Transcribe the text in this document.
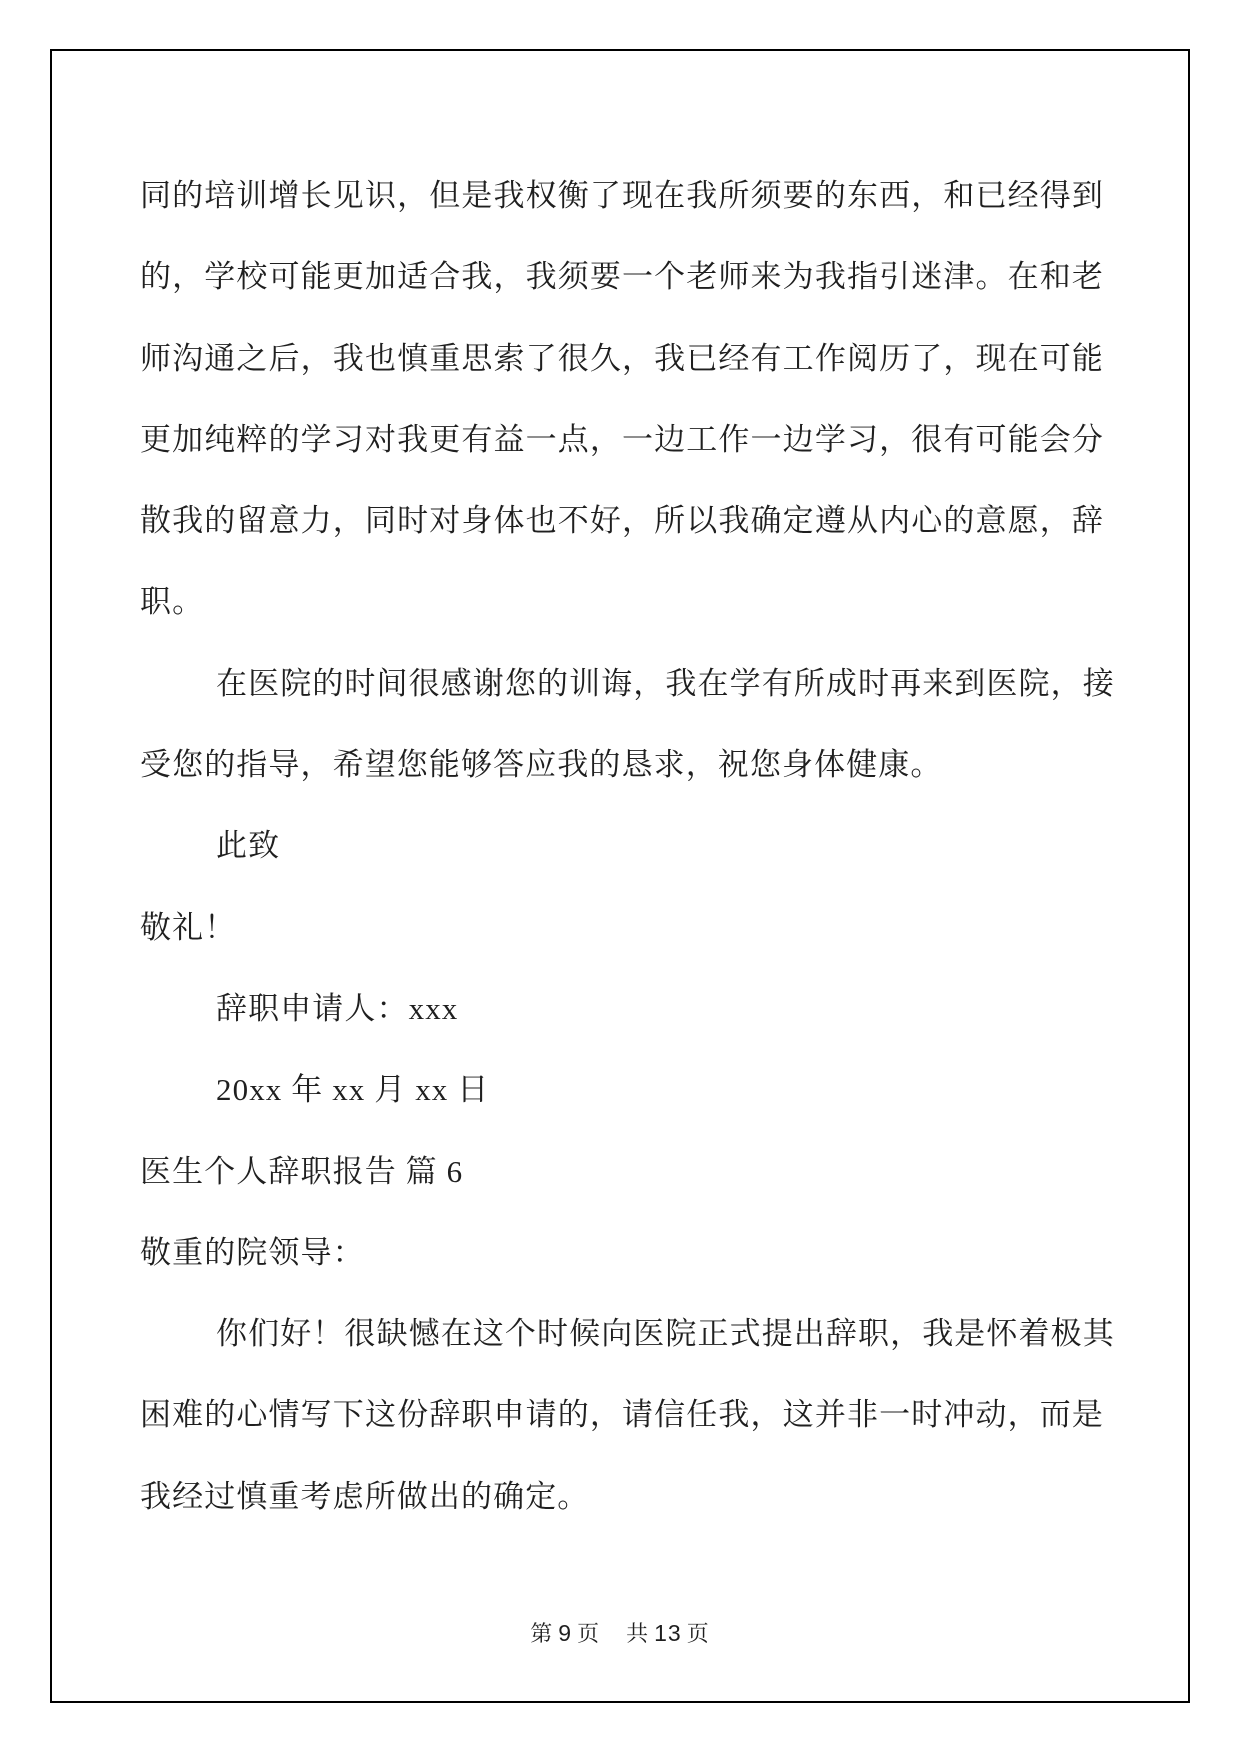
同的培训增长见识，但是我权衡了现在我所须要的东西，和已经得到
的，学校可能更加适合我，我须要一个老师来为我指引迷津。在和老
师沟通之后，我也慎重思索了很久，我已经有工作阅历了，现在可能
更加纯粹的学习对我更有益一点，一边工作一边学习，很有可能会分
散我的留意力，同时对身体也不好，所以我确定遵从内心的意愿，辞
职。
在医院的时间很感谢您的训诲，我在学有所成时再来到医院，接
受您的指导，希望您能够答应我的恳求，祝您身体健康。
此致
敬礼！
辞职申请人：xxx
20xx 年 xx 月 xx 日
医生个人辞职报告 篇 6
敬重的院领导：
你们好！很缺憾在这个时候向医院正式提出辞职，我是怀着极其
困难的心情写下这份辞职申请的，请信任我，这并非一时冲动，而是
我经过慎重考虑所做出的确定。
第 9 页 共 13 页
